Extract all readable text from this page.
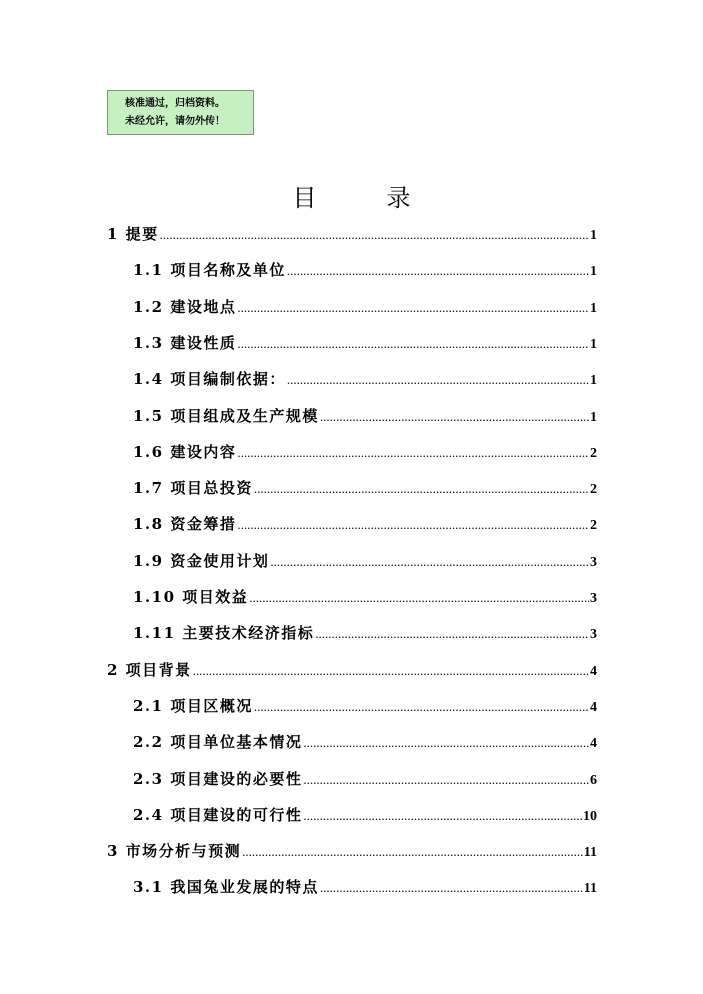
核准通过，归档资料。
未经允许，请勿外传！
目录
1 提要 .....	1
1.1 项目名称及单位 .....	1
1.2 建设地点 .....	1
1.3 建设性质 .....	1
1.4 项目编制依据： .....	1
1.5 项目组成及生产规模 .....	1
1.6 建设内容 .....	2
1.7 项目总投资 .....	2
1.8 资金筹措 .....	2
1.9 资金使用计划 .....	3
1.10 项目效益 .....	3
1.11 主要技术经济指标 .....	3
2 项目背景 .....	4
2.1 项目区概况 .....	4
2.2 项目单位基本情况 .....	4
2.3 项目建设的必要性 .....	6
2.4 项目建设的可行性 .....	10
3 市场分析与预测 .....	11
3.1 我国兔业发展的特点 .....	11
